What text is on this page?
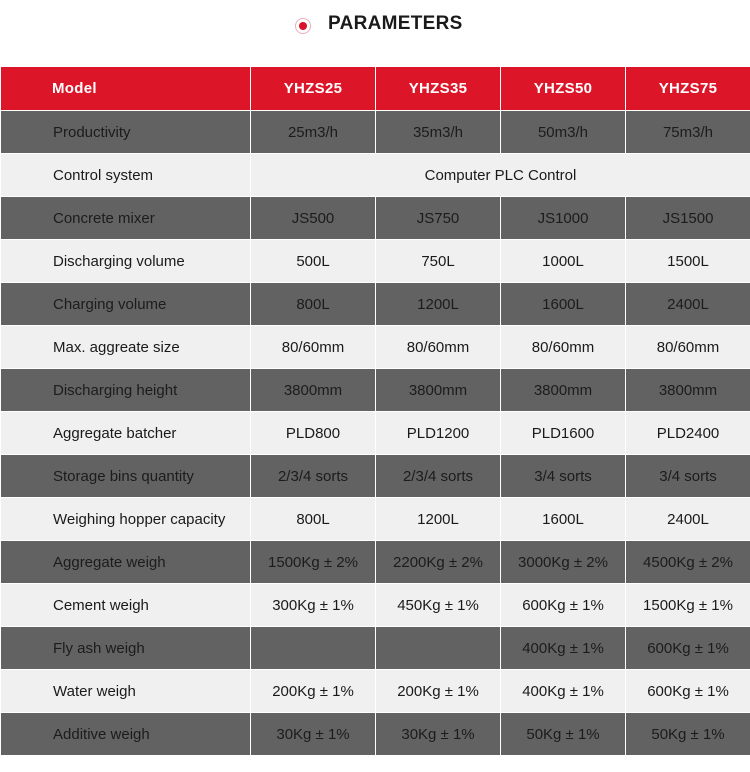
PARAMETERS
Model	YHZS25	YHZS35	YHZS50	YHZS75
Productivity	25m3/h	35m3/h	50m3/h	75m3/h
Control system	Computer PLC Control			
Concrete mixer	JS500	JS750	JS1000	JS1500
Discharging volume	500L	750L	1000L	1500L
Charging volume	800L	1200L	1600L	2400L
Max. aggreate size	80/60mm	80/60mm	80/60mm	80/60mm
Discharging height	3800mm	3800mm	3800mm	3800mm
Aggregate batcher	PLD800	PLD1200	PLD1600	PLD2400
Storage bins quantity	2/3/4 sorts	2/3/4 sorts	3/4 sorts	3/4 sorts
Weighing hopper capacity	800L	1200L	1600L	2400L
Aggregate weigh	1500Kg ± 2%	2200Kg ± 2%	3000Kg ± 2%	4500Kg ± 2%
Cement weigh	300Kg ± 1%	450Kg ± 1%	600Kg ± 1%	1500Kg ± 1%
Fly ash weigh			400Kg ± 1%	600Kg ± 1%
Water weigh	200Kg ± 1%	200Kg ± 1%	400Kg ± 1%	600Kg ± 1%
Additive weigh	30Kg ± 1%	30Kg ± 1%	50Kg ± 1%	50Kg ± 1%
